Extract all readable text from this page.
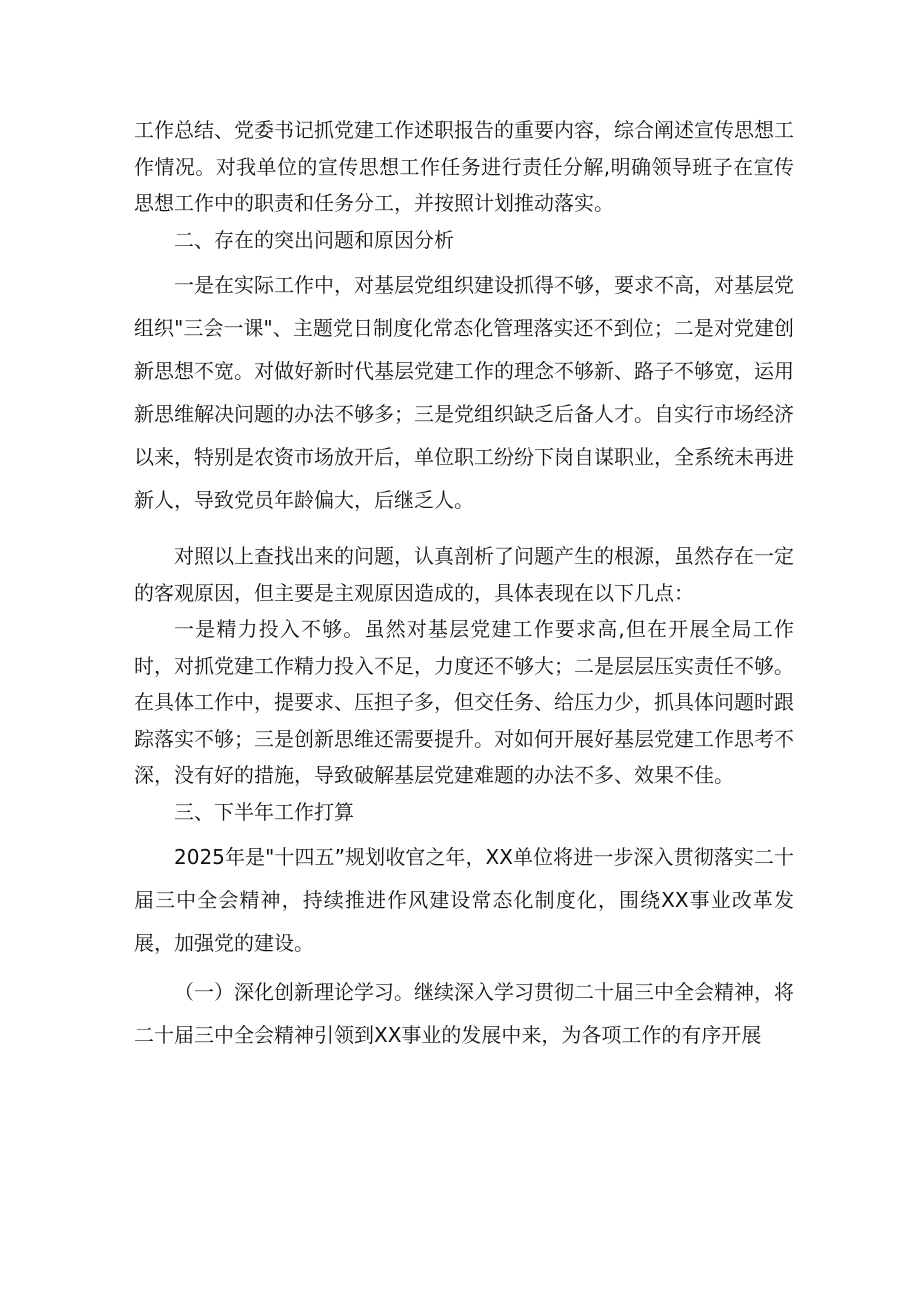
工作总结、党委书记抓党建工作述职报告的重要内容，综合阐述宣传思想工作情况。对我单位的宣传思想工作任务进行责任分解,明确领导班子在宣传思想工作中的职责和任务分工，并按照计划推动落实。

二、存在的突出问题和原因分析

一是在实际工作中，对基层党组织建设抓得不够，要求不高，对基层党组织"三会一课"、主题党日制度化常态化管理落实还不到位；二是对党建创新思想不宽。对做好新时代基层党建工作的理念不够新、路子不够宽，运用新思维解决问题的办法不够多；三是党组织缺乏后备人才。自实行市场经济以来，特别是农资市场放开后，单位职工纷纷下岗自谋职业，全系统未再进新人，导致党员年龄偏大，后继乏人。

对照以上查找出来的问题，认真剖析了问题产生的根源，虽然存在一定的客观原因，但主要是主观原因造成的，具体表现在以下几点：

一是精力投入不够。虽然对基层党建工作要求高,但在开展全局工作时，对抓党建工作精力投入不足，力度还不够大；二是层层压实责任不够。在具体工作中，提要求、压担子多，但交任务、给压力少，抓具体问题时跟踪落实不够；三是创新思维还需要提升。对如何开展好基层党建工作思考不深，没有好的措施，导致破解基层党建难题的办法不多、效果不佳。

三、下半年工作打算

2025年是"十四五”规划收官之年，XX单位将进一步深入贯彻落实二十届三中全会精神，持续推进作风建设常态化制度化，围绕XX事业改革发展，加强党的建设。

（一）深化创新理论学习。继续深入学习贯彻二十届三中全会精神，将二十届三中全会精神引领到XX事业的发展中来，为各项工作的有序开展
